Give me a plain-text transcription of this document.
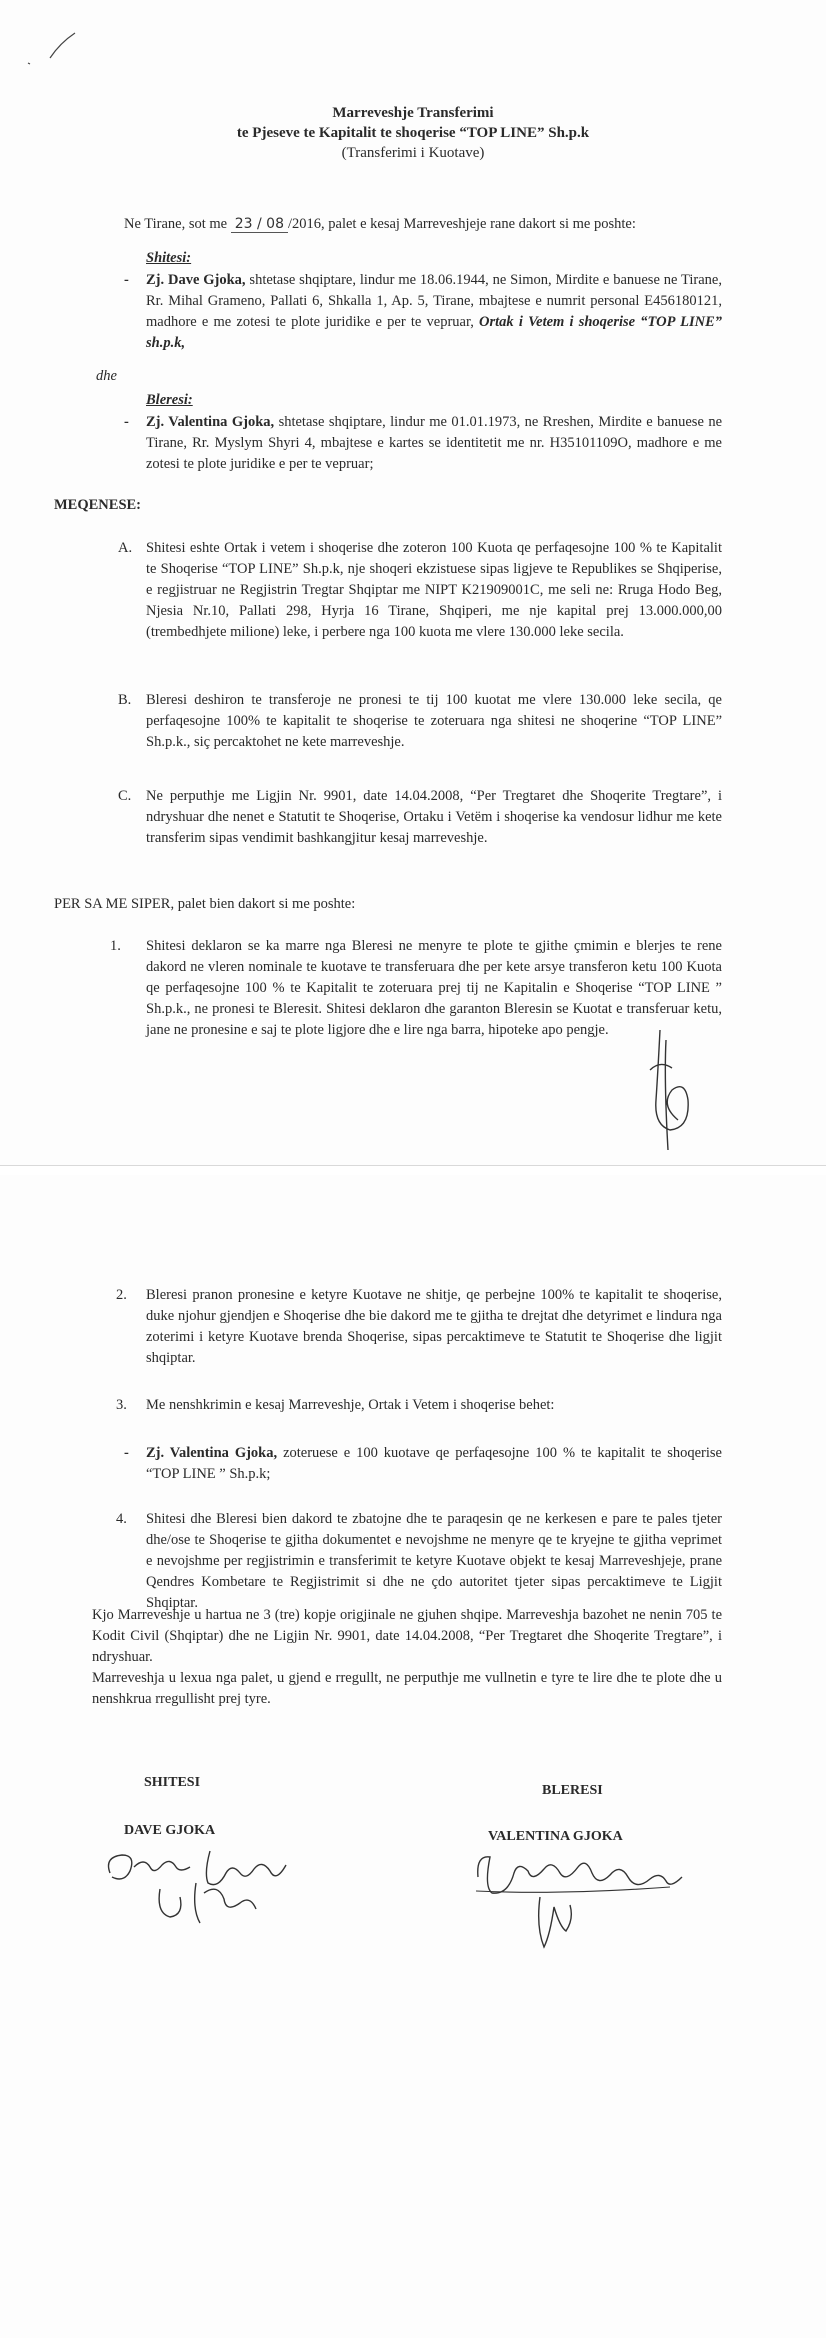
Marreveshje Transferimi
te Pjeseve te Kapitalit te shoqerise “TOP LINE” Sh.p.k
(Transferimi i Kuotave)
Ne Tirane, sot me 23 / 08 /2016, palet e kesaj Marreveshjeje rane dakort si me poshte:
Shitesi:
- Zj. Dave Gjoka, shtetase shqiptare, lindur me 18.06.1944, ne Simon, Mirdite e banuese ne Tirane, Rr. Mihal Grameno, Pallati 6, Shkalla 1, Ap. 5, Tirane, mbajtese e numrit personal E456180121, madhore e me zotesi te plote juridike e per te vepruar, Ortak i Vetem i shoqerise “TOP LINE” sh.p.k,
dhe
Bleresi:
- Zj. Valentina Gjoka, shtetase shqiptare, lindur me 01.01.1973, ne Rreshen, Mirdite e banuese ne Tirane, Rr. Myslym Shyri 4, mbajtese e kartes se identitetit me nr. H35101109O, madhore e me zotesi te plote juridike e per te vepruar;
MEQENESE:
A. Shitesi eshte Ortak i vetem i shoqerise dhe zoteron 100 Kuota qe perfaqesojne 100 % te Kapitalit te Shoqerise “TOP LINE” Sh.p.k, nje shoqeri ekzistuese sipas ligjeve te Republikes se Shqiperise, e regjistruar ne Regjistrin Tregtar Shqiptar me NIPT K21909001C, me seli ne: Rruga Hodo Beg, Njesia Nr.10, Pallati 298, Hyrja 16 Tirane, Shqiperi, me nje kapital prej 13.000.000,00 (trembedhjete milione) leke, i perbere nga 100 kuota me vlere 130.000 leke secila.
B. Bleresi deshiron te transferoje ne pronesi te tij 100 kuotat me vlere 130.000 leke secila, qe perfaqesojne 100% te kapitalit te shoqerise te zoteruara nga shitesi ne shoqerine “TOP LINE” Sh.p.k., siç percaktohet ne kete marreveshje.
C. Ne perputhje me Ligjin Nr. 9901, date 14.04.2008, “Per Tregtaret dhe Shoqerite Tregtare”, i ndryshuar dhe nenet e Statutit te Shoqerise, Ortaku i Vetëm i shoqerise ka vendosur lidhur me kete transferim sipas vendimit bashkangjitur kesaj marreveshje.
PER SA ME SIPER, palet bien dakort si me poshte:
1. Shitesi deklaron se ka marre nga Bleresi ne menyre te plote te gjithe çmimin e blerjes te rene dakord ne vleren nominale te kuotave te transferuara dhe per kete arsye transferon ketu 100 Kuota qe perfaqesojne 100 % te Kapitalit te zoteruara prej tij ne Kapitalin e Shoqerise “TOP LINE ” Sh.p.k., ne pronesi te Bleresit. Shitesi deklaron dhe garanton Bleresin se Kuotat e transferuar ketu, jane ne pronesine e saj te plote ligjore dhe e lire nga barra, hipoteke apo pengje.
2. Bleresi pranon pronesine e ketyre Kuotave ne shitje, qe perbejne 100% te kapitalit te shoqerise, duke njohur gjendjen e Shoqerise dhe bie dakord me te gjitha te drejtat dhe detyrimet e lindura nga zoterimi i ketyre Kuotave brenda Shoqerise, sipas percaktimeve te Statutit te Shoqerise dhe ligjit shqiptar.
3. Me nenshkrimin e kesaj Marreveshje, Ortak i Vetem i shoqerise behet:
- Zj. Valentina Gjoka, zoteruese e 100 kuotave qe perfaqesojne 100 % te kapitalit te shoqerise “TOP LINE ” Sh.p.k;
4. Shitesi dhe Bleresi bien dakord te zbatojne dhe te paraqesin qe ne kerkesen e pare te pales tjeter dhe/ose te Shoqerise te gjitha dokumentet e nevojshme ne menyre qe te kryejne te gjitha veprimet e nevojshme per regjistrimin e transferimit te ketyre Kuotave objekt te kesaj Marreveshjeje, prane Qendres Kombetare te Regjistrimit si dhe ne çdo autoritet tjeter sipas percaktimeve te Ligjit Shqiptar.
Kjo Marreveshje u hartua ne 3 (tre) kopje origjinale ne gjuhen shqipe. Marreveshja bazohet ne nenin 705 te Kodit Civil (Shqiptar) dhe ne Ligjin Nr. 9901, date 14.04.2008, “Per Tregtaret dhe Shoqerite Tregtare”, i ndryshuar.
Marreveshja u lexua nga palet, u gjend e rregullt, ne perputhje me vullnetin e tyre te lire dhe te plote dhe u nenshkrua rregullisht prej tyre.
SHITESI
BLERESI
DAVE GJOKA	VALENTINA GJOKA
